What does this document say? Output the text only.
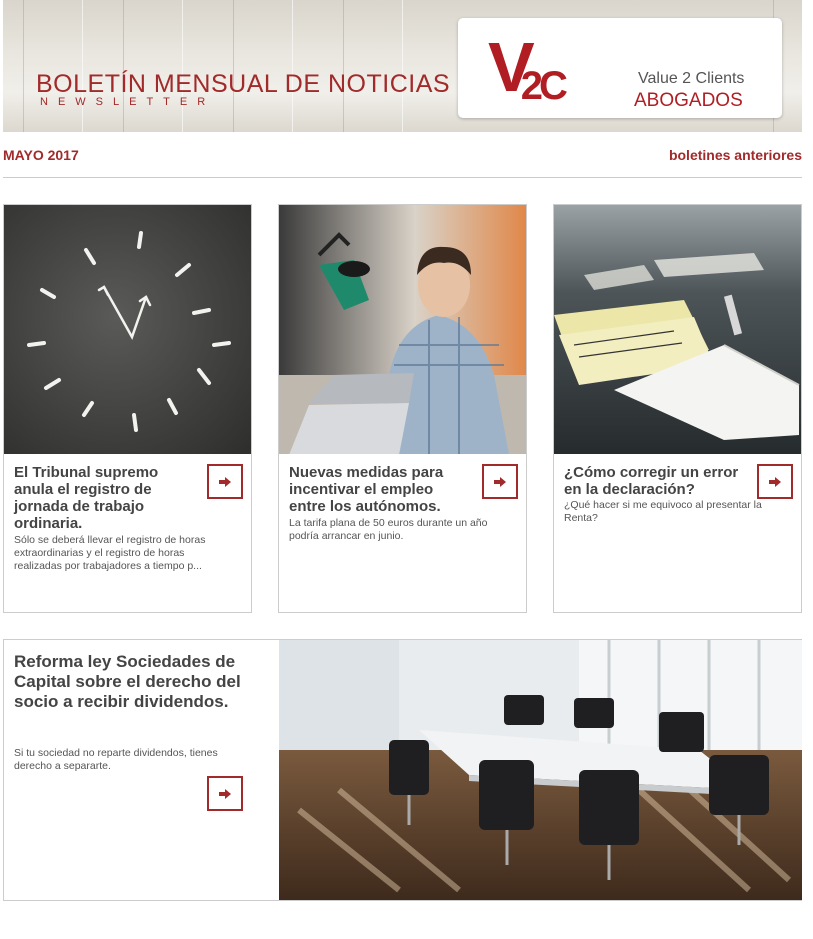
BOLETÍN MENSUAL DE NOTICIAS
NEWSLETTER	V2C	Value 2 Clients
ABOGADOS
MAYO 2017	boletines anteriores
El Tribunal supremo anula el registro de jornada de trabajo ordinaria.
Sólo se deberá llevar el registro de horas extraordinarias y el registro de horas realizadas por trabajadores a tiempo p...
Nuevas medidas para incentivar el empleo entre los autónomos.
La tarifa plana de 50 euros durante un año podría arrancar en junio.
¿Cómo corregir un error en la declaración?
¿Qué hacer si me equivoco al presentar la Renta?
Reforma ley Sociedades de Capital sobre el derecho del socio a recibir dividendos.
Si tu sociedad no reparte dividendos, tienes derecho a separarte.
